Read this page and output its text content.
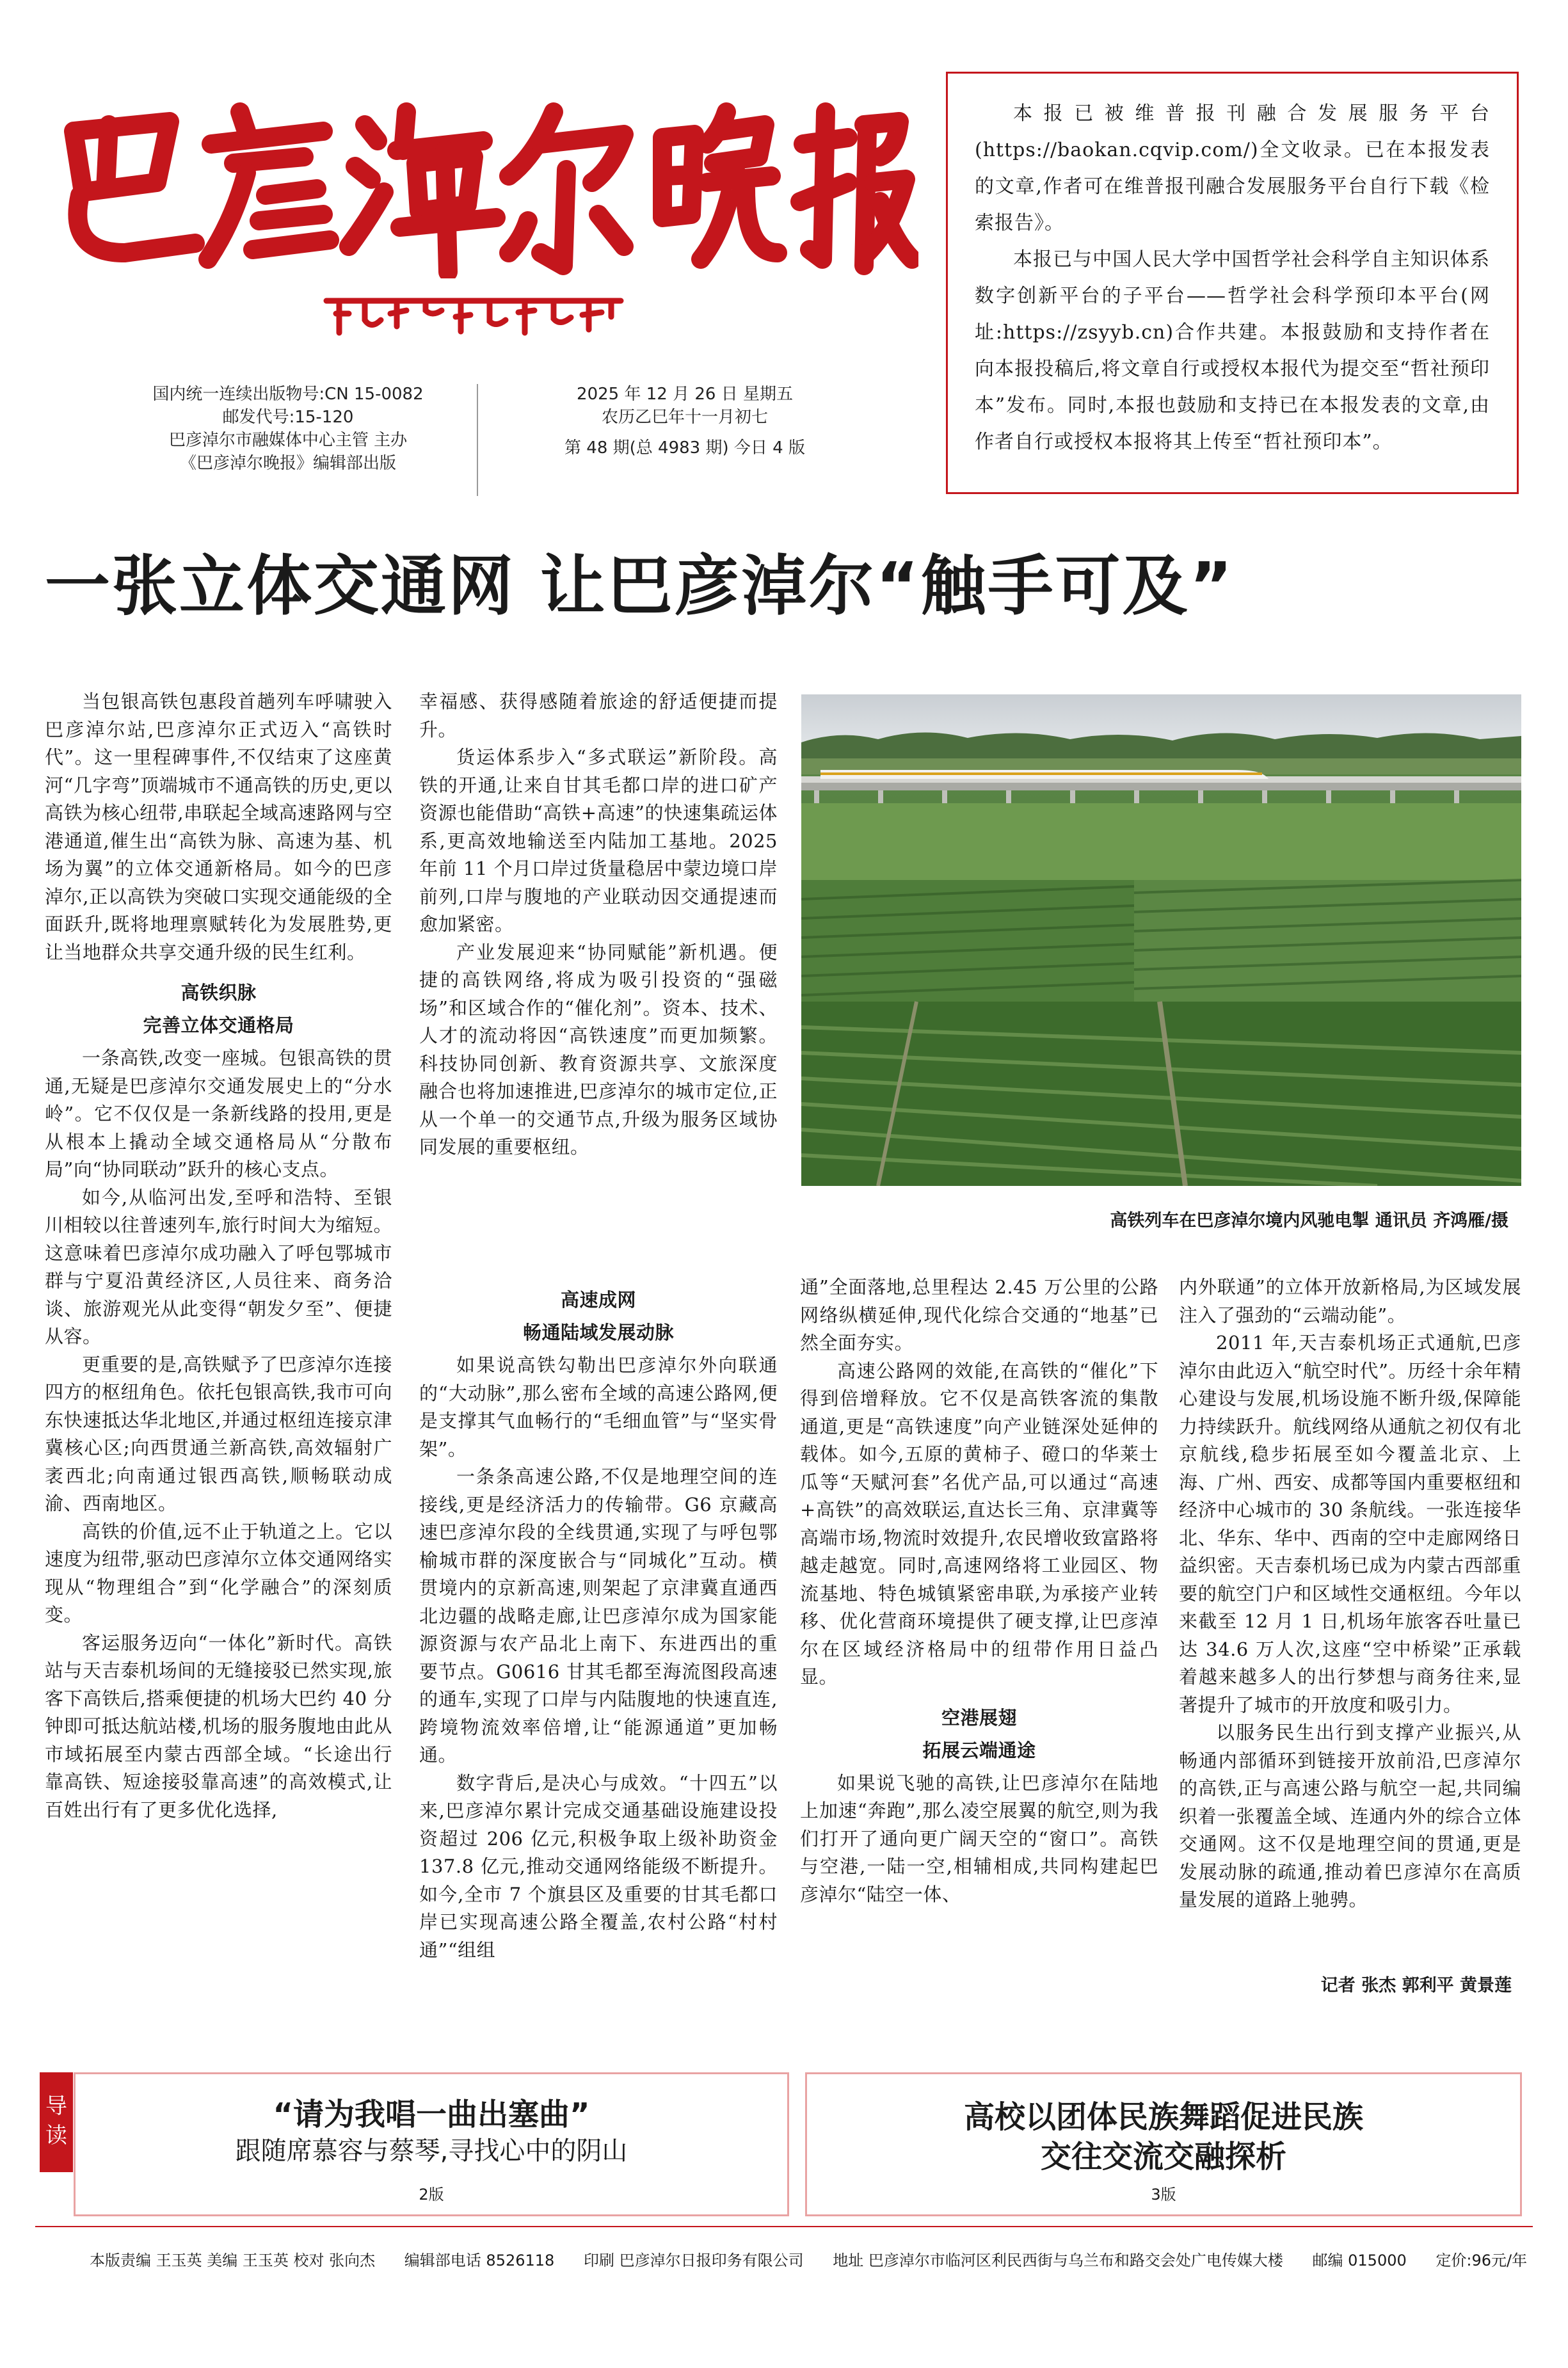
国内统一连续出版物号:CN 15-0082
邮发代号:15-120
巴彦淖尔市融媒体中心主管 主办
《巴彦淖尔晚报》编辑部出版
2025 年 12 月 26 日 星期五
农历乙巳年十一月初七
第 48 期(总 4983 期) 今日 4 版

本报已被维普报刊融合发展服务平台(https://baokan.cqvip.com/)全文收录。已在本报发表的文章,作者可在维普报刊融合发展服务平台自行下载《检索报告》。

本报已与中国人民大学中国哲学社会科学自主知识体系数字创新平台的子平台——哲学社会科学预印本平台(网址:https://zsyyb.cn)合作共建。本报鼓励和支持作者在向本报投稿后,将文章自行或授权本报代为提交至“哲社预印本”发布。同时,本报也鼓励和支持已在本报发表的文章,由作者自行或授权本报将其上传至“哲社预印本”。

一张立体交通网 让巴彦淖尔“触手可及”

当包银高铁包惠段首趟列车呼啸驶入巴彦淖尔站,巴彦淖尔正式迈入“高铁时代”。这一里程碑事件,不仅结束了这座黄河“几字弯”顶端城市不通高铁的历史,更以高铁为核心纽带,串联起全域高速路网与空港通道,催生出“高铁为脉、高速为基、机场为翼”的立体交通新格局。如今的巴彦淖尔,正以高铁为突破口实现交通能级的全面跃升,既将地理禀赋转化为发展胜势,更让当地群众共享交通升级的民生红利。

高铁织脉
完善立体交通格局

一条高铁,改变一座城。包银高铁的贯通,无疑是巴彦淖尔交通发展史上的“分水岭”。它不仅仅是一条新线路的投用,更是从根本上撬动全域交通格局从“分散布局”向“协同联动”跃升的核心支点。

如今,从临河出发,至呼和浩特、至银川相较以往普速列车,旅行时间大为缩短。这意味着巴彦淖尔成功融入了呼包鄂城市群与宁夏沿黄经济区,人员往来、商务洽谈、旅游观光从此变得“朝发夕至”、便捷从容。

更重要的是,高铁赋予了巴彦淖尔连接四方的枢纽角色。依托包银高铁,我市可向东快速抵达华北地区,并通过枢纽连接京津冀核心区;向西贯通兰新高铁,高效辐射广袤西北;向南通过银西高铁,顺畅联动成渝、西南地区。

高铁的价值,远不止于轨道之上。它以速度为纽带,驱动巴彦淖尔立体交通网络实现从“物理组合”到“化学融合”的深刻质变。

客运服务迈向“一体化”新时代。高铁站与天吉泰机场间的无缝接驳已然实现,旅客下高铁后,搭乘便捷的机场大巴约 40 分钟即可抵达航站楼,机场的服务腹地由此从市域拓展至内蒙古西部全域。“长途出行靠高铁、短途接驳靠高速”的高效模式,让百姓出行有了更多优化选择,

幸福感、获得感随着旅途的舒适便捷而提升。

货运体系步入“多式联运”新阶段。高铁的开通,让来自甘其毛都口岸的进口矿产资源也能借助“高铁+高速”的快速集疏运体系,更高效地输送至内陆加工基地。2025 年前 11 个月口岸过货量稳居中蒙边境口岸前列,口岸与腹地的产业联动因交通提速而愈加紧密。

产业发展迎来“协同赋能”新机遇。便捷的高铁网络,将成为吸引投资的“强磁场”和区域合作的“催化剂”。资本、技术、人才的流动将因“高铁速度”而更加频繁。科技协同创新、教育资源共享、文旅深度融合也将加速推进,巴彦淖尔的城市定位,正从一个单一的交通节点,升级为服务区域协同发展的重要枢纽。

高速成网
畅通陆域发展动脉

如果说高铁勾勒出巴彦淖尔外向联通的“大动脉”,那么密布全域的高速公路网,便是支撑其气血畅行的“毛细血管”与“坚实骨架”。

一条条高速公路,不仅是地理空间的连接线,更是经济活力的传输带。G6 京藏高速巴彦淖尔段的全线贯通,实现了与呼包鄂榆城市群的深度嵌合与“同城化”互动。横贯境内的京新高速,则架起了京津冀直通西北边疆的战略走廊,让巴彦淖尔成为国家能源资源与农产品北上南下、东进西出的重要节点。G0616 甘其毛都至海流图段高速的通车,实现了口岸与内陆腹地的快速直连,跨境物流效率倍增,让“能源通道”更加畅通。

数字背后,是决心与成效。“十四五”以来,巴彦淖尔累计完成交通基础设施建设投资超过 206 亿元,积极争取上级补助资金 137.8 亿元,推动交通网络能级不断提升。如今,全市 7 个旗县区及重要的甘其毛都口岸已实现高速公路全覆盖,农村公路“村村通”“组组

通”全面落地,总里程达 2.45 万公里的公路网络纵横延伸,现代化综合交通的“地基”已然全面夯实。

高速公路网的效能,在高铁的“催化”下得到倍增释放。它不仅是高铁客流的集散通道,更是“高铁速度”向产业链深处延伸的载体。如今,五原的黄柿子、磴口的华莱士瓜等“天赋河套”名优产品,可以通过“高速+高铁”的高效联运,直达长三角、京津冀等高端市场,物流时效提升,农民增收致富路将越走越宽。同时,高速网络将工业园区、物流基地、特色城镇紧密串联,为承接产业转移、优化营商环境提供了硬支撑,让巴彦淖尔在区域经济格局中的纽带作用日益凸显。

空港展翅
拓展云端通途

如果说飞驰的高铁,让巴彦淖尔在陆地上加速“奔跑”,那么凌空展翼的航空,则为我们打开了通向更广阔天空的“窗口”。高铁与空港,一陆一空,相辅相成,共同构建起巴彦淖尔“陆空一体、

内外联通”的立体开放新格局,为区域发展注入了强劲的“云端动能”。

2011 年,天吉泰机场正式通航,巴彦淖尔由此迈入“航空时代”。历经十余年精心建设与发展,机场设施不断升级,保障能力持续跃升。航线网络从通航之初仅有北京航线,稳步拓展至如今覆盖北京、上海、广州、西安、成都等国内重要枢纽和经济中心城市的 30 条航线。一张连接华北、华东、华中、西南的空中走廊网络日益织密。天吉泰机场已成为内蒙古西部重要的航空门户和区域性交通枢纽。今年以来截至 12 月 1 日,机场年旅客吞吐量已达 34.6 万人次,这座“空中桥梁”正承载着越来越多人的出行梦想与商务往来,显著提升了城市的开放度和吸引力。

以服务民生出行到支撑产业振兴,从畅通内部循环到链接开放前沿,巴彦淖尔的高铁,正与高速公路与航空一起,共同编织着一张覆盖全域、连通内外的综合立体交通网。这不仅是地理空间的贯通,更是发展动脉的疏通,推动着巴彦淖尔在高质量发展的道路上驰骋。

高铁列车在巴彦淖尔境内风驰电掣 通讯员 齐鸿雁/摄
记者 张杰 郭利平 黄景莲
导读
“请为我唱一曲出塞曲”
跟随席慕容与蔡琴,寻找心中的阴山
2版
高校以团体民族舞蹈促进民族
交往交流交融探析
3版
本版责编 王玉英 美编 王玉英 校对 张向杰 编辑部电话 8526118 印刷 巴彦淖尔日报印务有限公司 地址 巴彦淖尔市临河区利民西街与乌兰布和路交会处广电传媒大楼 邮编 015000 定价:96元/年
